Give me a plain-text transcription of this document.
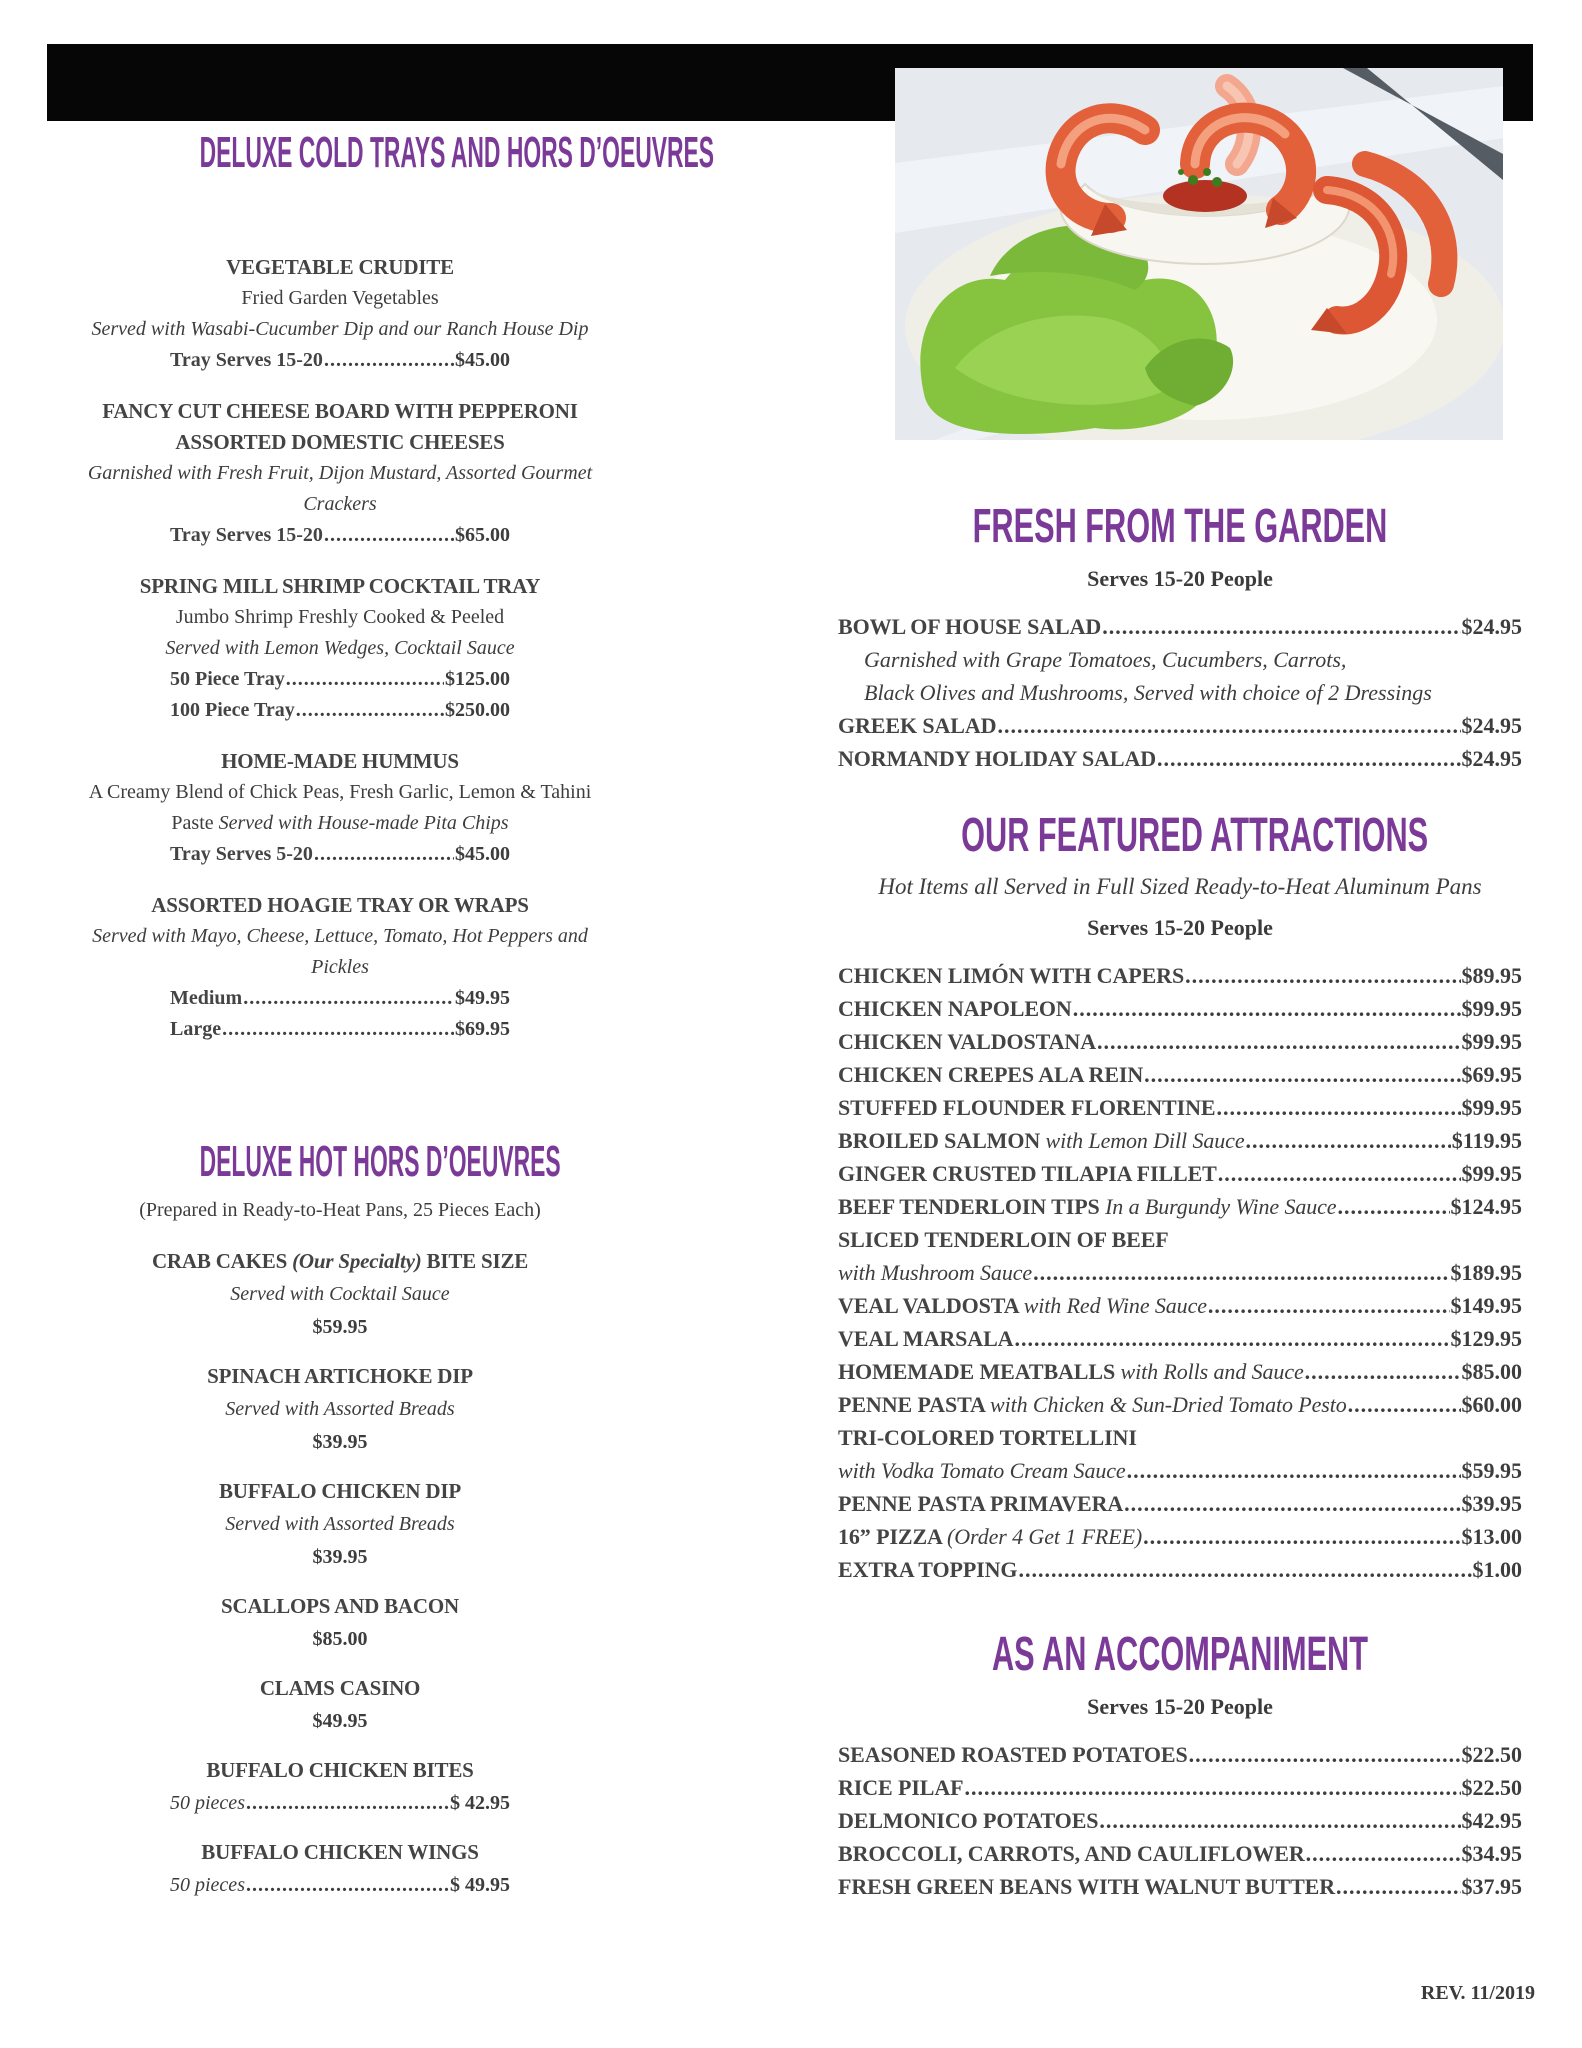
DELUXE COLD TRAYS AND HORS D’OEUVRES
VEGETABLE CRUDITE
Fried Garden Vegetables
Served with Wasabi-Cucumber Dip and our Ranch House Dip
Tray Serves 15-20 .....	$45.00
FANCY CUT CHEESE BOARD WITH PEPPERONI
ASSORTED DOMESTIC CHEESES
Garnished with Fresh Fruit, Dijon Mustard, Assorted Gourmet
Crackers
Tray Serves 15-20 .....	$65.00
SPRING MILL SHRIMP COCKTAIL TRAY
Jumbo Shrimp Freshly Cooked & Peeled
Served with Lemon Wedges, Cocktail Sauce
50 Piece Tray .....	$125.00
100 Piece Tray .....	$250.00
HOME-MADE HUMMUS
A Creamy Blend of Chick Peas, Fresh Garlic, Lemon & Tahini
Paste Served with House-made Pita Chips
Tray Serves 5-20 .....	$45.00
ASSORTED HOAGIE TRAY OR WRAPS
Served with Mayo, Cheese, Lettuce, Tomato, Hot Peppers and
Pickles
Medium .....	$49.95
Large .....	$69.95
DELUXE HOT HORS D’OEUVRES
(Prepared in Ready-to-Heat Pans, 25 Pieces Each)
CRAB CAKES (Our Specialty) BITE SIZE
Served with Cocktail Sauce
$59.95
SPINACH ARTICHOKE DIP
Served with Assorted Breads
$39.95
BUFFALO CHICKEN DIP
Served with Assorted Breads
$39.95
SCALLOPS AND BACON
$85.00
CLAMS CASINO
$49.95
BUFFALO CHICKEN BITES
50 pieces .....	$ 42.95
BUFFALO CHICKEN WINGS
50 pieces .....	$ 49.95
FRESH FROM THE GARDEN
Serves 15-20 People
BOWL OF HOUSE SALAD .....	$24.95
Garnished with Grape Tomatoes, Cucumbers, Carrots,
Black Olives and Mushrooms, Served with choice of 2 Dressings
GREEK SALAD .....	$24.95
NORMANDY HOLIDAY SALAD .....	$24.95
OUR FEATURED ATTRACTIONS
Hot Items all Served in Full Sized Ready-to-Heat Aluminum Pans
Serves 15-20 People
CHICKEN LIMÓN WITH CAPERS .....	$89.95
CHICKEN NAPOLEON .....	$99.95
CHICKEN VALDOSTANA .....	$99.95
CHICKEN CREPES ALA REIN .....	$69.95
STUFFED FLOUNDER FLORENTINE .....	$99.95
BROILED SALMON with Lemon Dill Sauce .....	$119.95
GINGER CRUSTED TILAPIA FILLET .....	$99.95
BEEF TENDERLOIN TIPS In a Burgundy Wine Sauce .....	$124.95
SLICED TENDERLOIN OF BEEF
with Mushroom Sauce .....	$189.95
VEAL VALDOSTA with Red Wine Sauce .....	$149.95
VEAL MARSALA .....	$129.95
HOMEMADE MEATBALLS with Rolls and Sauce .....	$85.00
PENNE PASTA with Chicken & Sun-Dried Tomato Pesto .....	$60.00
TRI-COLORED TORTELLINI
with Vodka Tomato Cream Sauce .....	$59.95
PENNE PASTA PRIMAVERA .....	$39.95
16” PIZZA (Order 4 Get 1 FREE) .....	$13.00
EXTRA TOPPING .....	$1.00
AS AN ACCOMPANIMENT
Serves 15-20 People
SEASONED ROASTED POTATOES .....	$22.50
RICE PILAF .....	$22.50
DELMONICO POTATOES .....	$42.95
BROCCOLI, CARROTS, AND CAULIFLOWER .....	$34.95
FRESH GREEN BEANS WITH WALNUT BUTTER .....	$37.95
REV. 11/2019
